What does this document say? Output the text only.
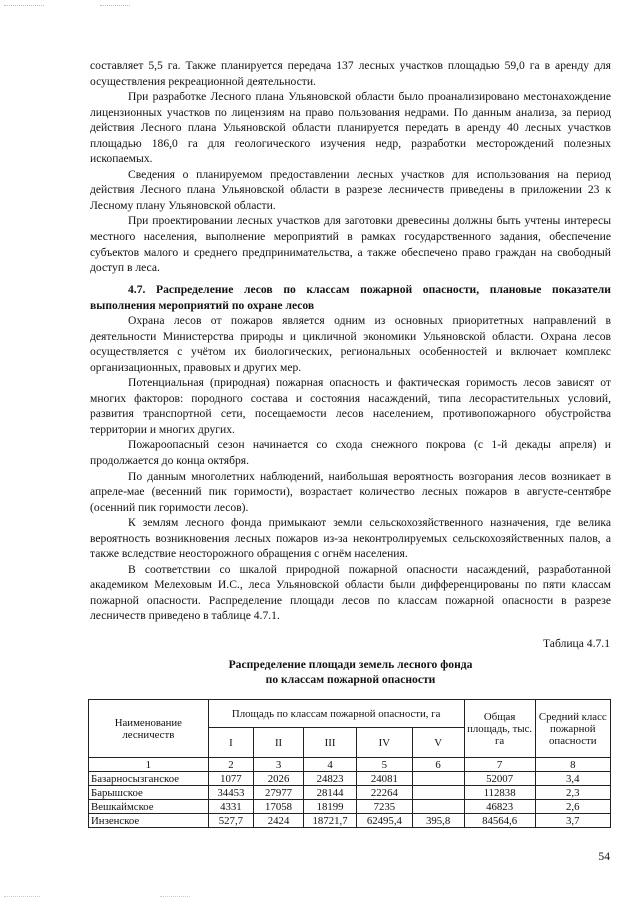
составляет 5,5 га. Также планируется передача 137 лесных участков площадью 59,0 га в аренду для осуществления рекреационной деятельности.

При разработке Лесного плана Ульяновской области было проанализировано местонахождение лицензионных участков по лицензиям на право пользования недрами. По данным анализа, за период действия Лесного плана Ульяновской области планируется передать в аренду 40 лесных участков площадью 186,0 га для геологического изучения недр, разработки месторождений полезных ископаемых.

Сведения о планируемом предоставлении лесных участков для использования на период действия Лесного плана Ульяновской области в разрезе лесничеств приведены в приложении 23 к Лесному плану Ульяновской области.

При проектировании лесных участков для заготовки древесины должны быть учтены интересы местного населения, выполнение мероприятий в рамках государственного задания, обеспечение субъектов малого и среднего предпринимательства, а также обеспечено право граждан на свободный доступ в леса.

4.7. Распределение лесов по классам пожарной опасности, плановые показатели выполнения мероприятий по охране лесов

Охрана лесов от пожаров является одним из основных приоритетных направлений в деятельности Министерства природы и цикличной экономики Ульяновской области. Охрана лесов осуществляется с учётом их биологических, региональных особенностей и включает комплекс организационных, правовых и других мер.

Потенциальная (природная) пожарная опасность и фактическая горимость лесов зависят от многих факторов: породного состава и состояния насаждений, типа лесорастительных условий, развития транспортной сети, посещаемости лесов населением, противопожарного обустройства территории и многих других.

Пожароопасный сезон начинается со схода снежного покрова (с 1-й декады апреля) и продолжается до конца октября.

По данным многолетних наблюдений, наибольшая вероятность возгорания лесов возникает в апреле-мае (весенний пик горимости), возрастает количество лесных пожаров в августе-сентябре (осенний пик горимости лесов).

К землям лесного фонда примыкают земли сельскохозяйственного назначения, где велика вероятность возникновения лесных пожаров из-за неконтролируемых сельскохозяйственных палов, а также вследствие неосторожного обращения с огнём населения.

В соответствии со шкалой природной пожарной опасности насаждений, разработанной академиком Мелеховым И.С., леса Ульяновской области были дифференцированы по пяти классам пожарной опасности. Распределение площади лесов по классам пожарной опасности в разрезе лесничеств приведено в таблице 4.7.1.

Таблица 4.7.1
Распределение площади земель лесного фонда
по классам пожарной опасности
Наименование лесничеств	Площадь по классам пожарной опасности, га					Общая площадь, тыс. га	Средний класс пожарной опасности
	I	II	III	IV	V		
1	2	3	4	5	6	7	8
Базарносызганское	1077	2026	24823	24081		52007	3,4
Барышское	34453	27977	28144	22264		112838	2,3
Вешкаймское	4331	17058	18199	7235		46823	2,6
Инзенское	527,7	2424	18721,7	62495,4	395,8	84564,6	3,7
54
